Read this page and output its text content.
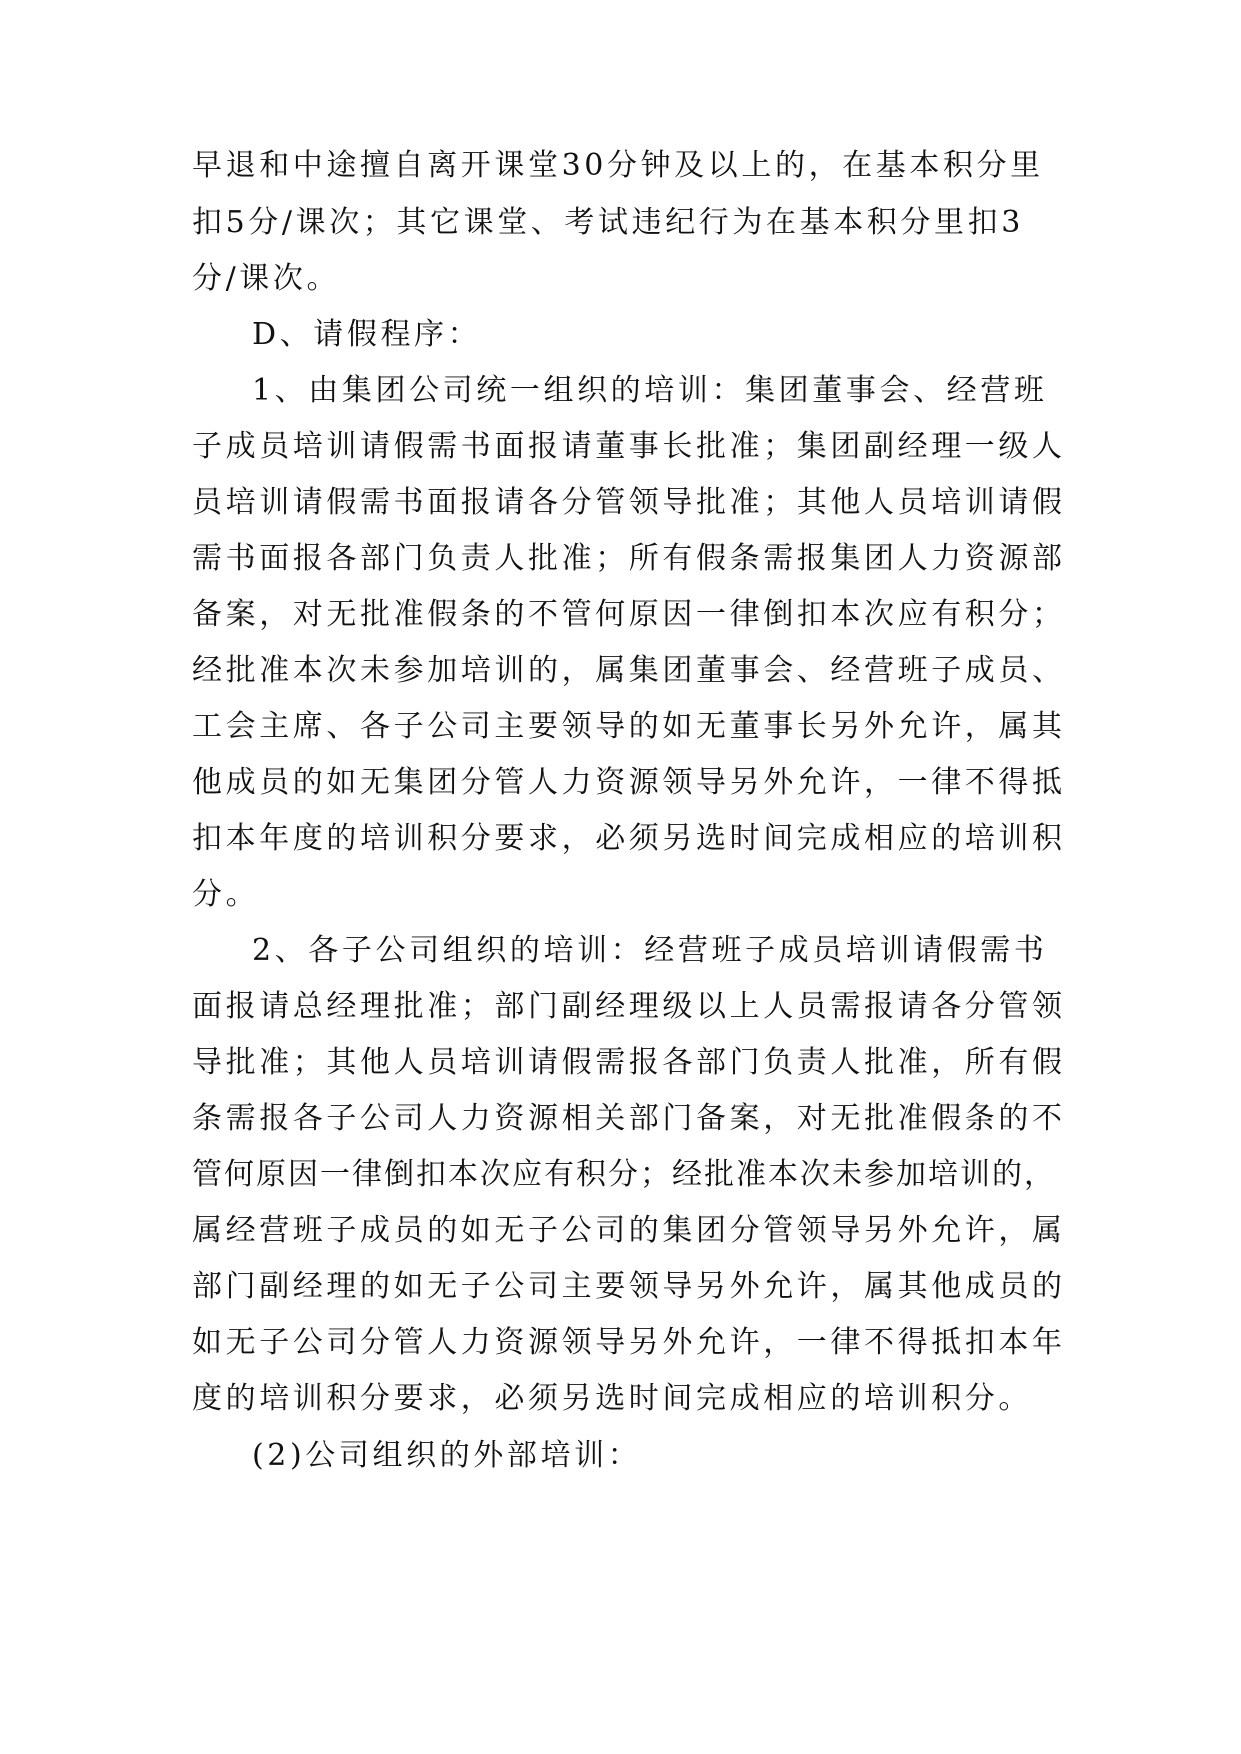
早退和中途擅自离开课堂30分钟及以上的，在基本积分里
扣5分/课次；其它课堂、考试违纪行为在基本积分里扣3
分/课次。
D、请假程序：
1、由集团公司统一组织的培训：集团董事会、经营班
子成员培训请假需书面报请董事长批准；集团副经理一级人
员培训请假需书面报请各分管领导批准；其他人员培训请假
需书面报各部门负责人批准；所有假条需报集团人力资源部
备案，对无批准假条的不管何原因一律倒扣本次应有积分；
经批准本次未参加培训的，属集团董事会、经营班子成员、
工会主席、各子公司主要领导的如无董事长另外允许，属其
他成员的如无集团分管人力资源领导另外允许，一律不得抵
扣本年度的培训积分要求，必须另选时间完成相应的培训积
分。
2、各子公司组织的培训：经营班子成员培训请假需书
面报请总经理批准；部门副经理级以上人员需报请各分管领
导批准；其他人员培训请假需报各部门负责人批准，所有假
条需报各子公司人力资源相关部门备案，对无批准假条的不
管何原因一律倒扣本次应有积分；经批准本次未参加培训的，
属经营班子成员的如无子公司的集团分管领导另外允许，属
部门副经理的如无子公司主要领导另外允许，属其他成员的
如无子公司分管人力资源领导另外允许，一律不得抵扣本年
度的培训积分要求，必须另选时间完成相应的培训积分。
(2)公司组织的外部培训：
